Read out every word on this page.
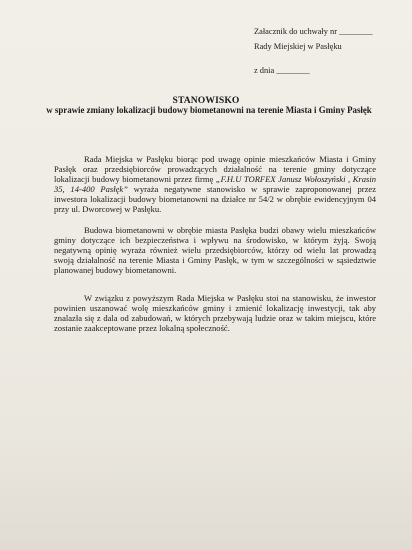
Załacznik do uchwały nr ________
Rady Miejskiej w Pasłęku
z dnia ________
STANOWISKO
w sprawie zmiany lokalizacji budowy biometanowni na terenie Miasta i Gminy Pasłęk

Rada Miejska w Pasłęku biorąc pod uwagę opinie mieszkańców Miasta i Gminy Pasłęk oraz przedsiębiorców prowadzących działalność na terenie gminy dotyczące lokalizacji budowy biometanowni przez firmę „F.H.U TORFEX Janusz Wołoszyński , Krasin 35, 14-400 Pasłęk” wyraża negatywne stanowisko w sprawie zaproponowanej przez inwestora lokalizacji budowy biometanowni na działce nr 54/2 w obrębie ewidencyjnym 04 przy ul. Dworcowej w Pasłęku.

Budowa biometanowni w obrębie miasta Pasłęka budzi obawy wielu mieszkańców gminy dotyczące ich bezpieczeństwa i wpływu na środowisko, w którym żyją. Swoją negatywną opinię wyraża również wielu przedsiębiorców, którzy od wielu lat prowadzą swoją działalność na terenie Miasta i Gminy Pasłęk, w tym w szczególności w sąsiedztwie planowanej budowy biometanowni.

W związku z powyższym Rada Miejska w Pasłęku stoi na stanowisku, że inwestor powinien uszanować wolę mieszkańców gminy i zmienić lokalizację inwestycji, tak aby znalazła się z dala od zabudowań, w których przebywają ludzie oraz w takim miejscu, które zostanie zaakceptowane przez lokalną społeczność.
